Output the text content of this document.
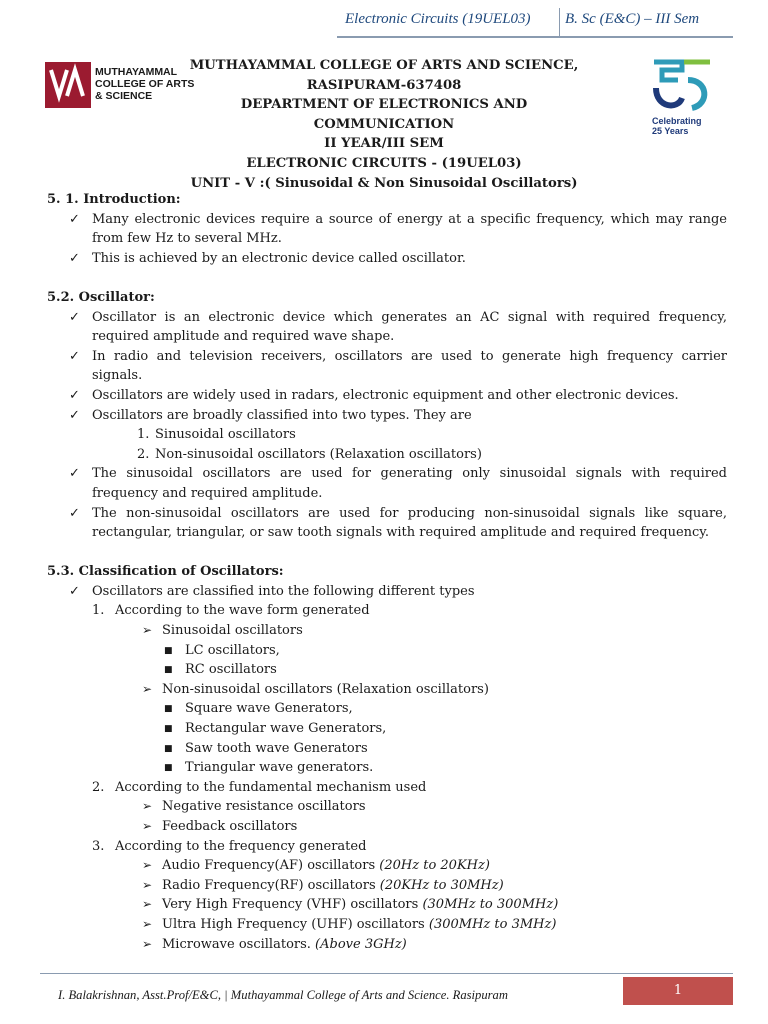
Electronic Circuits (19UEL03) B. Sc (E&C) – III Sem
MUTHAYAMMAL
COLLEGE OF ARTS
& SCIENCE
Celebrating
25 Years
MUTHAYAMMAL COLLEGE OF ARTS AND SCIENCE,
RASIPURAM-637408
DEPARTMENT OF ELECTRONICS AND COMMUNICATION
II YEAR/III SEM
ELECTRONIC CIRCUITS - (19UEL03)
UNIT - V :( Sinusoidal & Non Sinusoidal Oscillators)

5. 1. Introduction:

✓ Many electronic devices require a source of energy at a specific frequency, which may range from few Hz to several MHz.
✓ This is achieved by an electronic device called oscillator.

5.2. Oscillator:

✓ Oscillator is an electronic device which generates an AC signal with required frequency, required amplitude and required wave shape.
✓ In radio and television receivers, oscillators are used to generate high frequency carrier signals.
✓ Oscillators are widely used in radars, electronic equipment and other electronic devices.
✓ Oscillators are broadly classified into two types. They are
1. Sinusoidal oscillators
2. Non-sinusoidal oscillators (Relaxation oscillators)
✓ The sinusoidal oscillators are used for generating only sinusoidal signals with required frequency and required amplitude.
✓ The non-sinusoidal oscillators are used for producing non-sinusoidal signals like square, rectangular, triangular, or saw tooth signals with required amplitude and required frequency.

5.3. Classification of Oscillators:

✓ Oscillators are classified into the following different types
1. According to the wave form generated
➢ Sinusoidal oscillators
■ LC oscillators,
■ RC oscillators
➢ Non-sinusoidal oscillators (Relaxation oscillators)
■ Square wave Generators,
■ Rectangular wave Generators,
■ Saw tooth wave Generators
■ Triangular wave generators.
2. According to the fundamental mechanism used
➢ Negative resistance oscillators
➢ Feedback oscillators
3. According to the frequency generated
➢ Audio Frequency(AF) oscillators (20Hz to 20KHz)
➢ Radio Frequency(RF) oscillators (20KHz to 30MHz)
➢ Very High Frequency (VHF) oscillators (30MHz to 300MHz)
➢ Ultra High Frequency (UHF) oscillators (300MHz to 3MHz)
➢ Microwave oscillators. (Above 3GHz)
I. Balakrishnan, Asst.Prof/E&C, | Muthayammal College of Arts and Science. Rasipuram	1
